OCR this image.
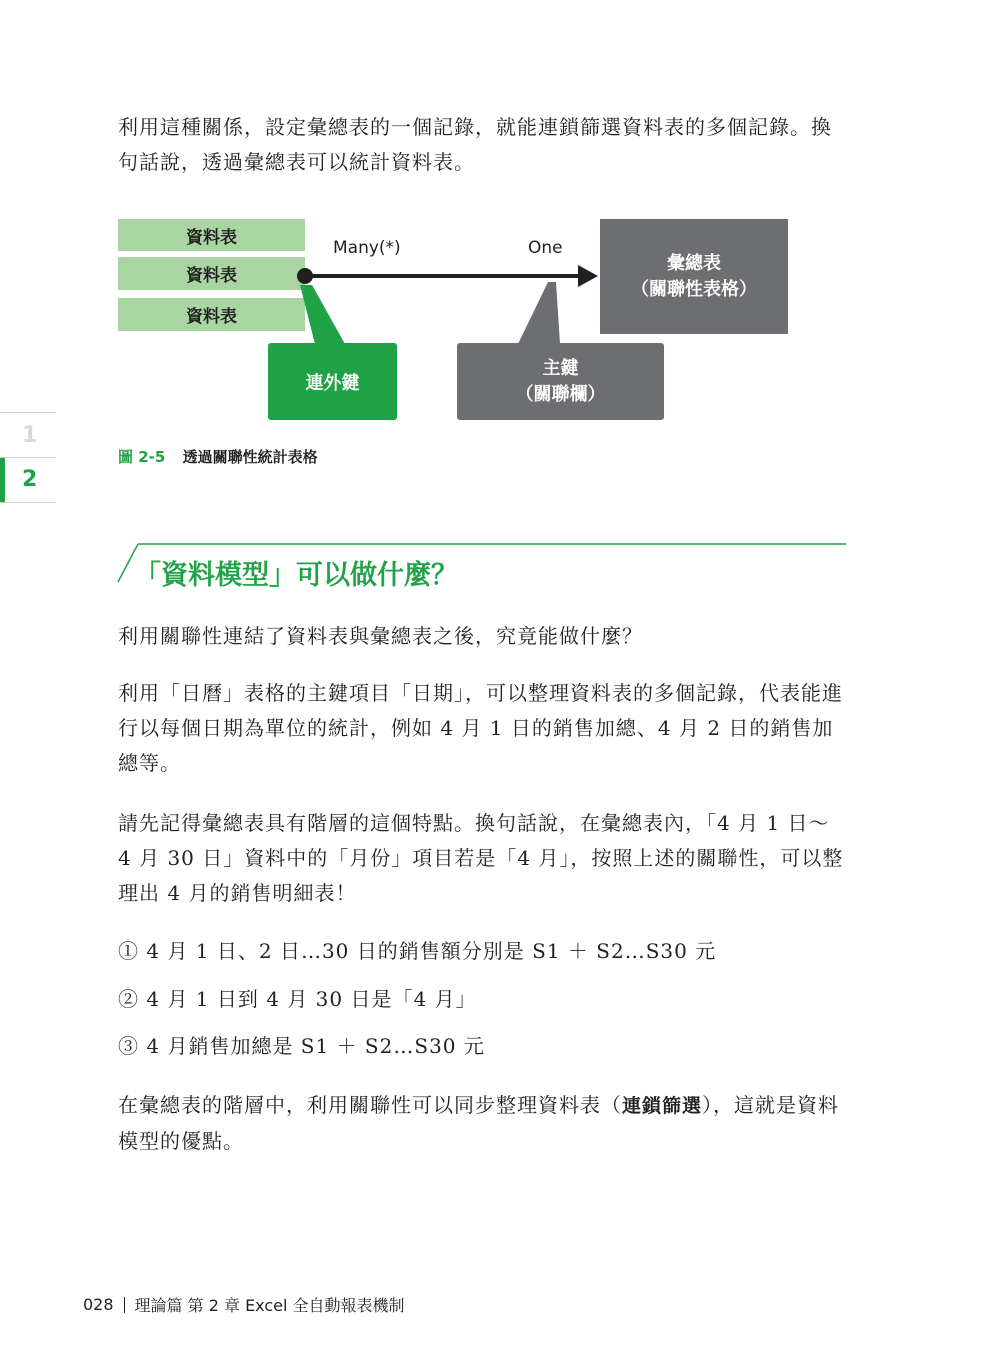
利用這種關係，設定彙總表的一個記錄，就能連鎖篩選資料表的多個記錄。換句話說，透過彙總表可以統計資料表。

資料表
資料表
資料表
Many(*)	One
彙總表
（關聯性表格）
連外鍵
主鍵
（關聯欄）
圖 2-5 透過關聯性統計表格
1
2
「資料模型」可以做什麼？

利用關聯性連結了資料表與彙總表之後，究竟能做什麼？

利用「日曆」表格的主鍵項目「日期」，可以整理資料表的多個記錄，代表能進行以每個日期為單位的統計，例如 4 月 1 日的銷售加總、4 月 2 日的銷售加總等。

請先記得彙總表具有階層的這個特點。換句話說，在彙總表內，「4 月 1 日～ 4 月 30 日」資料中的「月份」項目若是「4 月」，按照上述的關聯性，可以整理出 4 月的銷售明細表！

① 4 月 1 日、2 日…30 日的銷售額分別是 S1 ＋ S2…S30 元
② 4 月 1 日到 4 月 30 日是「4 月」
③ 4 月銷售加總是 S1 ＋ S2…S30 元

在彙總表的階層中，利用關聯性可以同步整理資料表（連鎖篩選），這就是資料模型的優點。

028 理論篇 第 2 章 Excel 全自動報表機制
